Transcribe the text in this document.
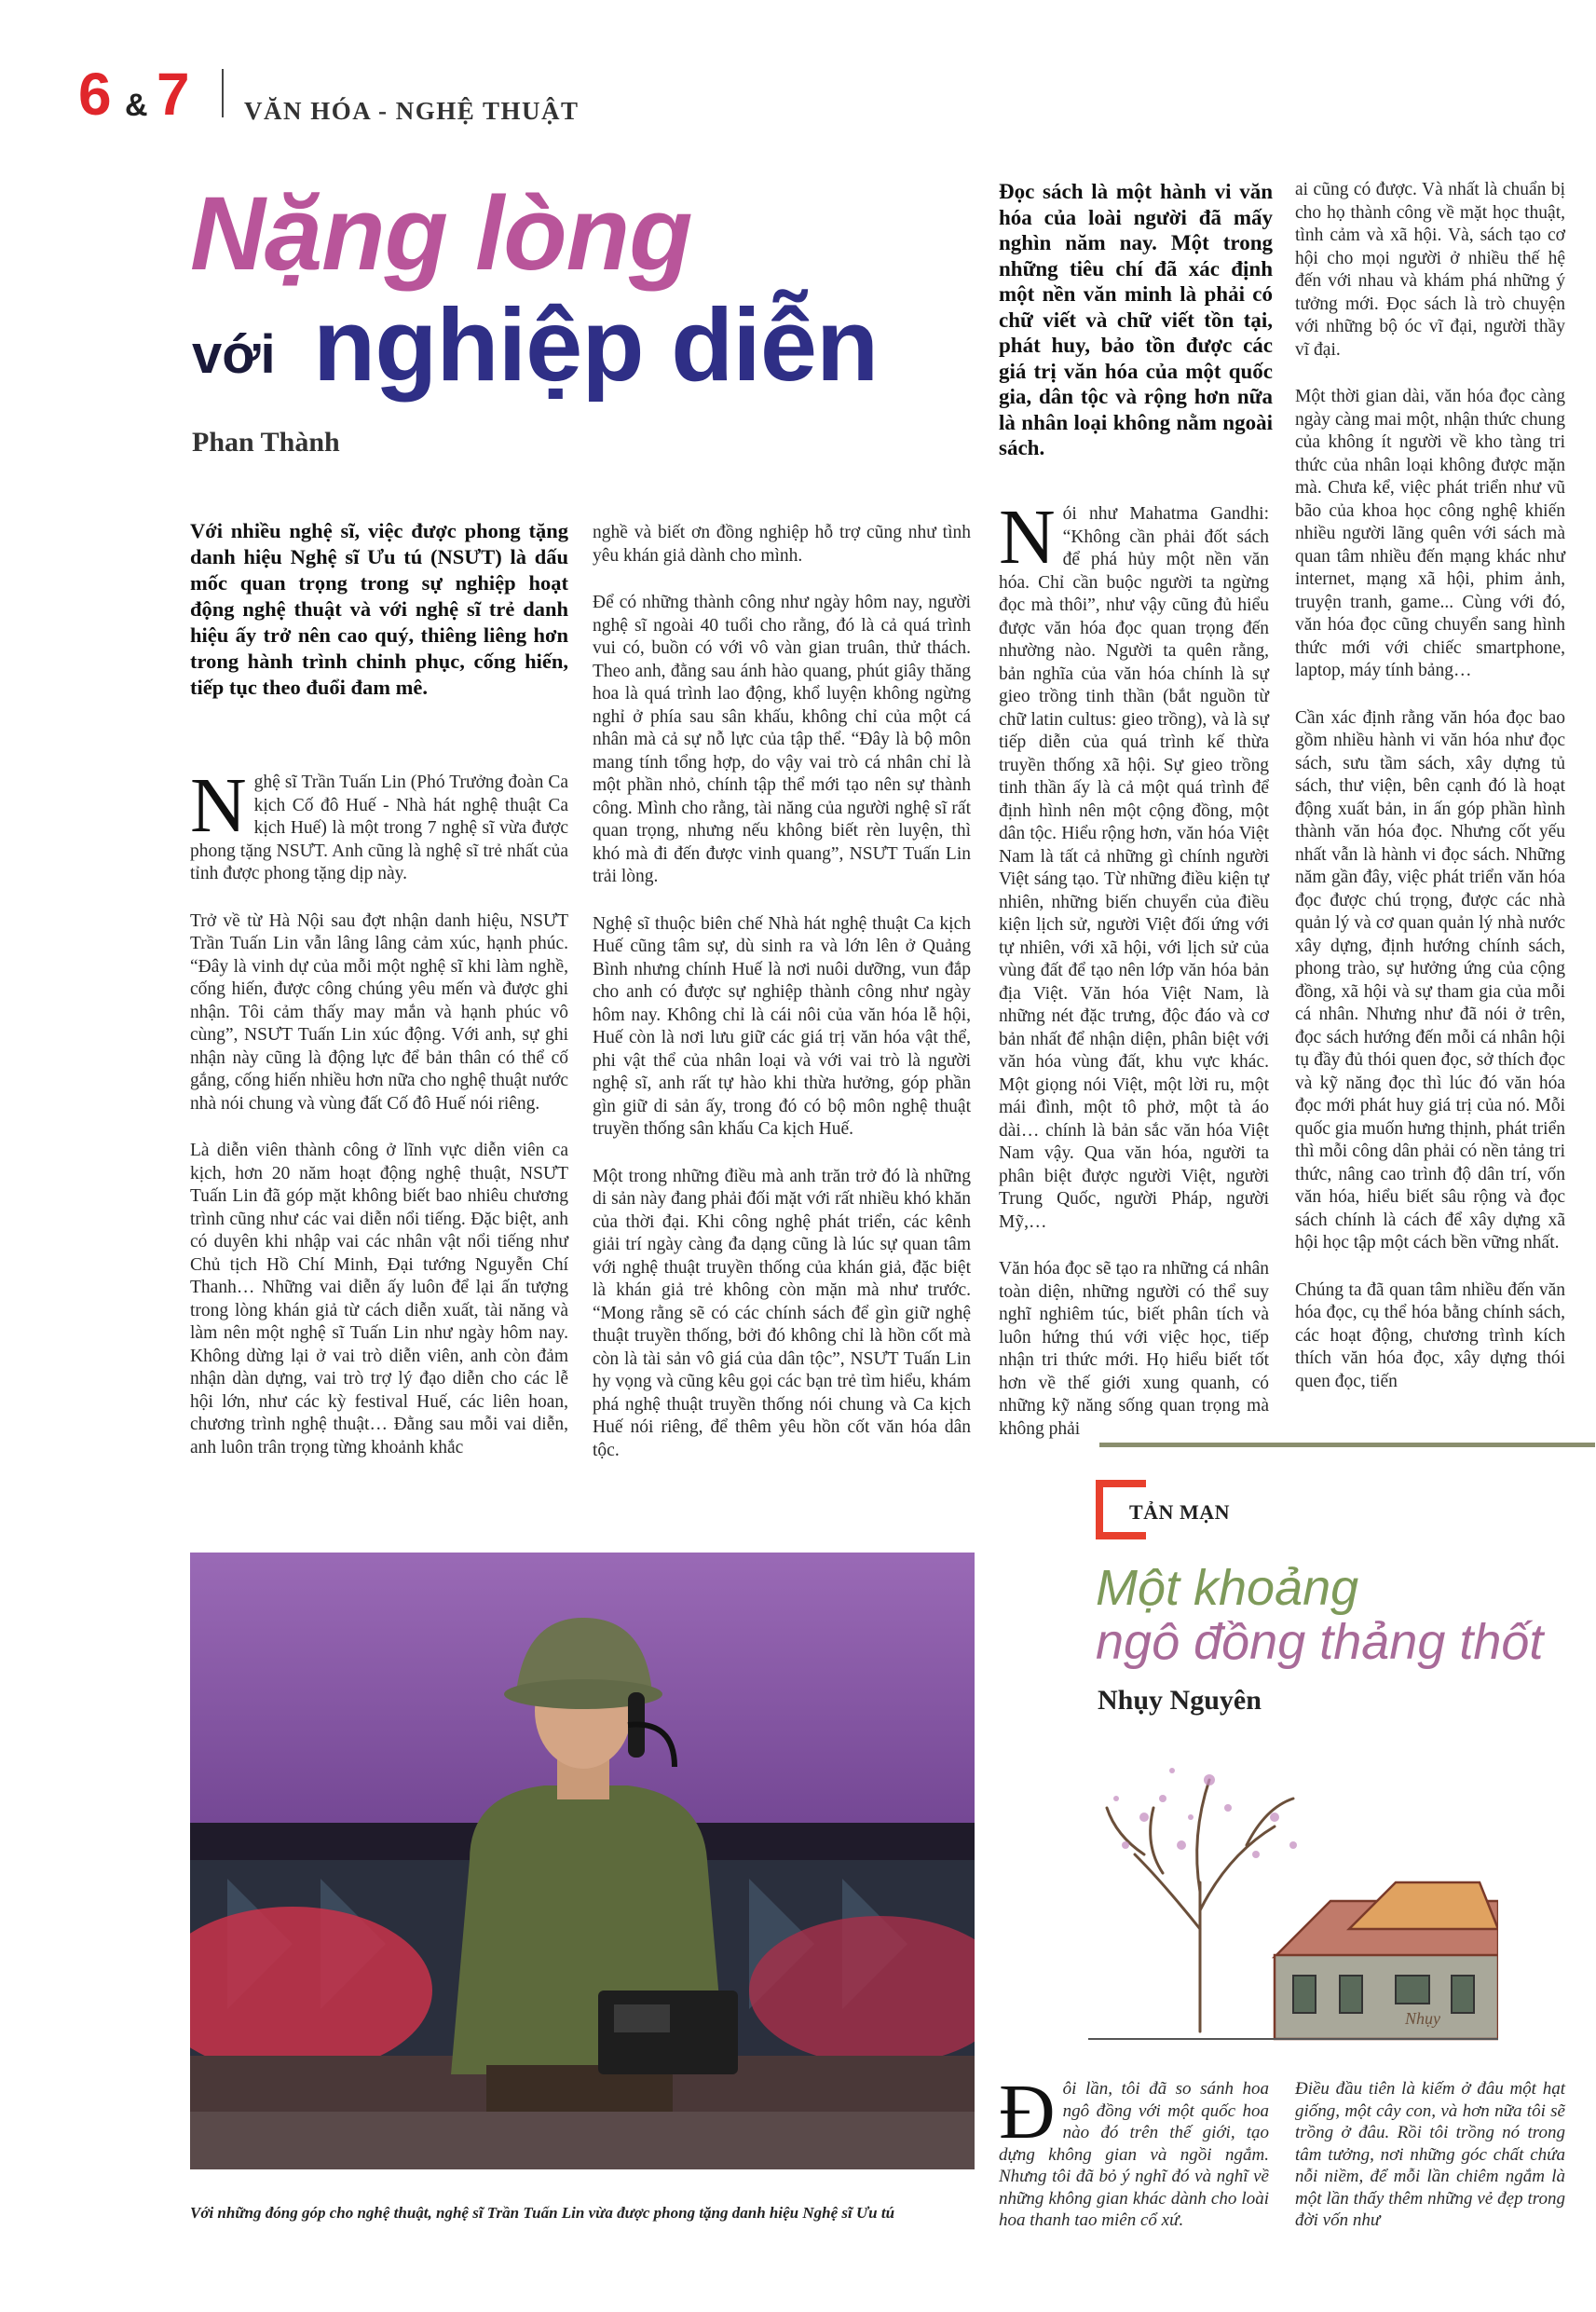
6 & 7 VĂN HÓA - NGHỆ THUẬT
Nặng lòng
với nghiệp diễn
Phan Thành

Với nhiều nghệ sĩ, việc được phong tặng danh hiệu Nghệ sĩ Ưu tú (NSƯT) là dấu mốc quan trọng trong sự nghiệp hoạt động nghệ thuật và với nghệ sĩ trẻ danh hiệu ấy trở nên cao quý, thiêng liêng hơn trong hành trình chinh phục, cống hiến, tiếp tục theo đuổi đam mê.

Nghệ sĩ Trần Tuấn Lin (Phó Trưởng đoàn Ca kịch Cố đô Huế - Nhà hát nghệ thuật Ca kịch Huế) là một trong 7 nghệ sĩ vừa được phong tặng NSƯT. Anh cũng là nghệ sĩ trẻ nhất của tỉnh được phong tặng dịp này.

Trở về từ Hà Nội sau đợt nhận danh hiệu, NSƯT Trần Tuấn Lin vẫn lâng lâng cảm xúc, hạnh phúc. “Đây là vinh dự của mỗi một nghệ sĩ khi làm nghề, cống hiến, được công chúng yêu mến và được ghi nhận. Tôi cảm thấy may mắn và hạnh phúc vô cùng”, NSƯT Tuấn Lin xúc động. Với anh, sự ghi nhận này cũng là động lực để bản thân có thể cố gắng, cống hiến nhiều hơn nữa cho nghệ thuật nước nhà nói chung và vùng đất Cố đô Huế nói riêng.

Là diễn viên thành công ở lĩnh vực diễn viên ca kịch, hơn 20 năm hoạt động nghệ thuật, NSƯT Tuấn Lin đã góp mặt không biết bao nhiêu chương trình cũng như các vai diễn nổi tiếng. Đặc biệt, anh có duyên khi nhập vai các nhân vật nổi tiếng như Chủ tịch Hồ Chí Minh, Đại tướng Nguyễn Chí Thanh… Những vai diễn ấy luôn để lại ấn tượng trong lòng khán giả từ cách diễn xuất, tài năng và làm nên một nghệ sĩ Tuấn Lin như ngày hôm nay. Không dừng lại ở vai trò diễn viên, anh còn đảm nhận dàn dựng, vai trò trợ lý đạo diễn cho các lễ hội lớn, như các kỳ festival Huế, các liên hoan, chương trình nghệ thuật… Đằng sau mỗi vai diễn, anh luôn trân trọng từng khoảnh khắc

nghề và biết ơn đồng nghiệp hỗ trợ cũng như tình yêu khán giả dành cho mình.

Để có những thành công như ngày hôm nay, người nghệ sĩ ngoài 40 tuổi cho rằng, đó là cả quá trình vui có, buồn có với vô vàn gian truân, thử thách. Theo anh, đằng sau ánh hào quang, phút giây thăng hoa là quá trình lao động, khổ luyện không ngừng nghỉ ở phía sau sân khấu, không chỉ của một cá nhân mà cả sự nỗ lực của tập thể. “Đây là bộ môn mang tính tổng hợp, do vậy vai trò cá nhân chỉ là một phần nhỏ, chính tập thể mới tạo nên sự thành công. Mình cho rằng, tài năng của người nghệ sĩ rất quan trọng, nhưng nếu không biết rèn luyện, thì khó mà đi đến được vinh quang”, NSƯT Tuấn Lin trải lòng.

Nghệ sĩ thuộc biên chế Nhà hát nghệ thuật Ca kịch Huế cũng tâm sự, dù sinh ra và lớn lên ở Quảng Bình nhưng chính Huế là nơi nuôi dưỡng, vun đắp cho anh có được sự nghiệp thành công như ngày hôm nay. Không chỉ là cái nôi của văn hóa lễ hội, Huế còn là nơi lưu giữ các giá trị văn hóa vật thể, phi vật thể của nhân loại và với vai trò là người nghệ sĩ, anh rất tự hào khi thừa hưởng, góp phần gìn giữ di sản ấy, trong đó có bộ môn nghệ thuật truyền thống sân khấu Ca kịch Huế.

Một trong những điều mà anh trăn trở đó là những di sản này đang phải đối mặt với rất nhiều khó khăn của thời đại. Khi công nghệ phát triển, các kênh giải trí ngày càng đa dạng cũng là lúc sự quan tâm với nghệ thuật truyền thống của khán giả, đặc biệt là khán giả trẻ không còn mặn mà như trước. “Mong rằng sẽ có các chính sách để gìn giữ nghệ thuật truyền thống, bởi đó không chỉ là hồn cốt mà còn là tài sản vô giá của dân tộc”, NSƯT Tuấn Lin hy vọng và cũng kêu gọi các bạn trẻ tìm hiểu, khám phá nghệ thuật truyền thống nói chung và Ca kịch Huế nói riêng, để thêm yêu hồn cốt văn hóa dân tộc.

Với những đóng góp cho nghệ thuật, nghệ sĩ Trần Tuấn Lin vừa được phong tặng danh hiệu Nghệ sĩ Ưu tú

Đọc sách là một hành vi văn hóa của loài người đã mấy nghìn năm nay. Một trong những tiêu chí đã xác định một nền văn minh là phải có chữ viết và chữ viết tồn tại, phát huy, bảo tồn được các giá trị văn hóa của một quốc gia, dân tộc và rộng hơn nữa là nhân loại không nằm ngoài sách.

Nói như Mahatma Gandhi: “Không cần phải đốt sách để phá hủy một nền văn hóa. Chỉ cần buộc người ta ngừng đọc mà thôi”, như vậy cũng đủ hiểu được văn hóa đọc quan trọng đến nhường nào. Người ta quên rằng, bản nghĩa của văn hóa chính là sự gieo trồng tinh thần (bắt nguồn từ chữ latin cultus: gieo trồng), và là sự tiếp diễn của quá trình kế thừa truyền thống xã hội. Sự gieo trồng tinh thần ấy là cả một quá trình để định hình nên một cộng đồng, một dân tộc. Hiểu rộng hơn, văn hóa Việt Nam là tất cả những gì chính người Việt sáng tạo. Từ những điều kiện tự nhiên, những biến chuyển của điều kiện lịch sử, người Việt đối ứng với tự nhiên, với xã hội, với lịch sử của vùng đất để tạo nên lớp văn hóa bản địa Việt. Văn hóa Việt Nam, là những nét đặc trưng, độc đáo và cơ bản nhất để nhận diện, phân biệt với văn hóa vùng đất, khu vực khác. Một giọng nói Việt, một lời ru, một mái đình, một tô phở, một tà áo dài… chính là bản sắc văn hóa Việt Nam vậy. Qua văn hóa, người ta phân biệt được người Việt, người Trung Quốc, người Pháp, người Mỹ,…

Văn hóa đọc sẽ tạo ra những cá nhân toàn diện, những người có thể suy nghĩ nghiêm túc, biết phân tích và luôn hứng thú với việc học, tiếp nhận tri thức mới. Họ hiểu biết tốt hơn về thế giới xung quanh, có những kỹ năng sống quan trọng mà không phải

ai cũng có được. Và nhất là chuẩn bị cho họ thành công về mặt học thuật, tình cảm và xã hội. Và, sách tạo cơ hội cho mọi người ở nhiều thế hệ đến với nhau và khám phá những ý tưởng mới. Đọc sách là trò chuyện với những bộ óc vĩ đại, người thầy vĩ đại.

Một thời gian dài, văn hóa đọc càng ngày càng mai một, nhận thức chung của không ít người về kho tàng tri thức của nhân loại không được mặn mà. Chưa kể, việc phát triển như vũ bão của khoa học công nghệ khiến nhiều người lãng quên với sách mà quan tâm nhiều đến mạng khác như internet, mạng xã hội, phim ảnh, truyện tranh, game... Cùng với đó, văn hóa đọc cũng chuyển sang hình thức mới với chiếc smartphone, laptop, máy tính bảng…

Cần xác định rằng văn hóa đọc bao gồm nhiều hành vi văn hóa như đọc sách, sưu tầm sách, xây dựng tủ sách, thư viện, bên cạnh đó là hoạt động xuất bản, in ấn góp phần hình thành văn hóa đọc. Nhưng cốt yếu nhất vẫn là hành vi đọc sách. Những năm gần đây, việc phát triển văn hóa đọc được chú trọng, được các nhà quản lý và cơ quan quản lý nhà nước xây dựng, định hướng chính sách, phong trào, sự hưởng ứng của cộng đồng, xã hội và sự tham gia của mỗi cá nhân. Nhưng như đã nói ở trên, đọc sách hướng đến mỗi cá nhân hội tụ đầy đủ thói quen đọc, sở thích đọc và kỹ năng đọc thì lúc đó văn hóa đọc mới phát huy giá trị của nó. Mỗi quốc gia muốn hưng thịnh, phát triển thì mỗi công dân phải có nền tảng tri thức, nâng cao trình độ dân trí, vốn văn hóa, hiểu biết sâu rộng và đọc sách chính là cách để xây dựng xã hội học tập một cách bền vững nhất.

Chúng ta đã quan tâm nhiều đến văn hóa đọc, cụ thể hóa bằng chính sách, các hoạt động, chương trình kích thích văn hóa đọc, xây dựng thói quen đọc, tiến

TẢN MẠN
Một khoảng
ngô đồng thảng thốt
Nhụy Nguyên
Nhụy
Đôi lần, tôi đã so sánh hoa ngô đồng với một quốc hoa nào đó trên thế giới, tạo dựng không gian và ngồi ngắm. Nhưng tôi đã bỏ ý nghĩ đó và nghĩ về những không gian khác dành cho loài hoa thanh tao miên cổ xứ.
Điều đầu tiên là kiếm ở đâu một hạt giống, một cây con, và hơn nữa tôi sẽ trồng ở đâu. Rồi tôi trồng nó trong tâm tưởng, nơi những góc chất chứa nỗi niềm, để mỗi lần chiêm ngắm là một lần thấy thêm những vẻ đẹp trong đời vốn như
